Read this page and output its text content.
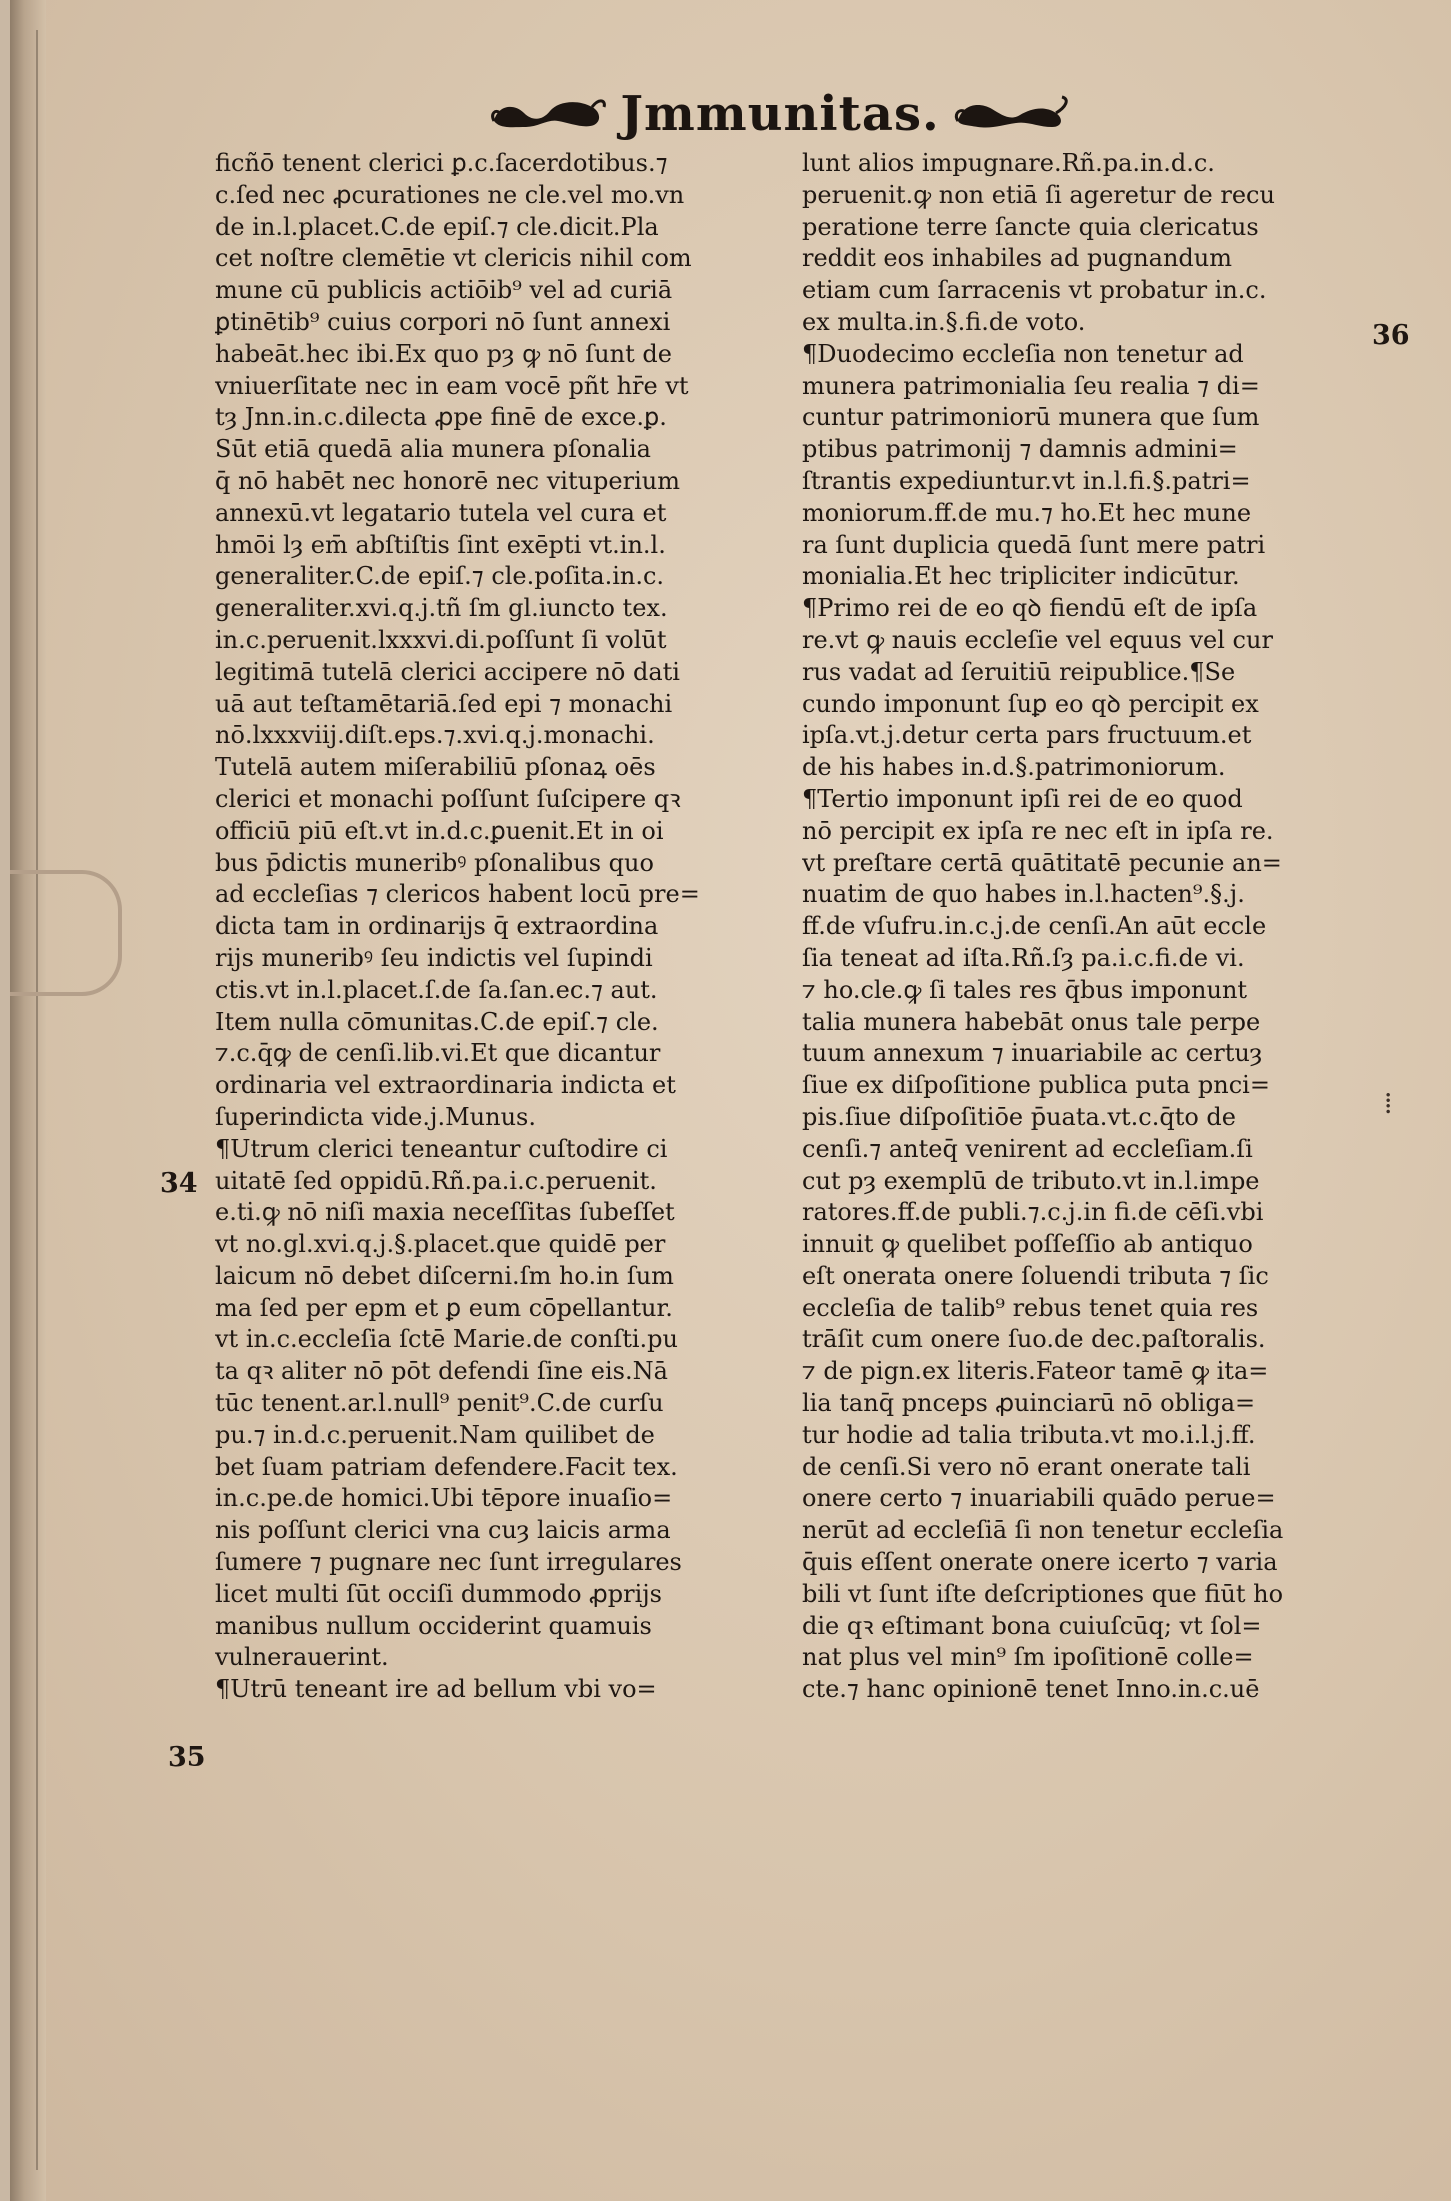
Jmmunitas.
ficñō tenent clerici ꝑ.c.ſacerdotibus.⁊
c.ſed nec ꝓcurationes ne cle.vel mo.vn
de in.l.placet.C.de epiſ.⁊ cle.dicit.Pla
cet noſtre clemētie vt clericis nihil com
mune cū publicis actiōib⁹ vel ad curiā
ꝑtinētib⁹ cuius corpori nō ſunt annexi
habeāt.hec ibi.Ex quo pȝ ꝙ nō ſunt de
vniuerſitate nec in eam vocē pñt hr̄e vt
tȝ Jnn.in.c.dilecta ꝓpe finē de exce.ꝑ.
Sūt etiā quedā alia munera pſonalia
q̄ nō habēt nec honorē nec vituperium
annexū.vt legatario tutela vel cura et
hmōi lȝ em̄ abſtiſtis ſint exēpti vt.in.l.
generaliter.C.de epiſ.⁊ cle.poſita.in.c.
generaliter.xvi.q.j.tñ ſm gl.iuncto tex.
in.c.peruenit.lxxxvi.di.poſſunt ſi volūt
legitimā tutelā clerici accipere nō dati
uā aut teſtamētariā.ſed epi ⁊ monachi
nō.lxxxviij.diſt.eps.⁊.xvi.q.j.monachi.
Tutelā autem miſerabiliū pſonaꝝ oēs
clerici et monachi poſſunt ſuſcipere qꝛ
officiū piū eſt.vt in.d.c.ꝑuenit.Et in oi
bus p̄dictis muneribꝰ pſonalibus quo
ad eccleſias ⁊ clericos habent locū pre=
dicta tam in ordinarijs q̄ extraordina
rijs muneribꝰ ſeu indictis vel ſupindi
ctis.vt in.l.placet.ſ.de ſa.ſan.ec.⁊ aut.
Item nulla cōmunitas.C.de epiſ.⁊ cle.
⁊.c.q̄ꝙ de cenſi.lib.vi.Et que dicantur
ordinaria vel extraordinaria indicta et
ſuperindicta vide.j.Munus.
¶Utrum clerici teneantur cuſtodire ci
uitatē ſed oppidū.Rñ.pa.i.c.peruenit.
e.ti.ꝙ nō niſi maxia neceſſitas ſubeſſet
vt no.gl.xvi.q.j.§.placet.que quidē per
laicum nō debet diſcerni.ſm ho.in ſum
ma ſed per epm et ꝑ eum cōpellantur.
vt in.c.eccleſia ſctē Marie.de conſti.pu
ta qꝛ aliter nō pōt defendi ſine eis.Nā
tūc tenent.ar.l.null⁹ penit⁹.C.de curſu
pu.⁊ in.d.c.peruenit.Nam quilibet de
bet ſuam patriam defendere.Facit tex.
in.c.pe.de homici.Ubi tēpore inuaſio=
nis poſſunt clerici vna cuȝ laicis arma
ſumere ⁊ pugnare nec ſunt irregulares
licet multi ſūt occiſi dummodo ꝓprijs
manibus nullum occiderint quamuis
vulnerauerint.
¶Utrū teneant ire ad bellum vbi vo=
lunt alios impugnare.Rñ.pa.in.d.c.
peruenit.ꝙ non etiā ſi ageretur de recu
peratione terre ſancte quia clericatus
reddit eos inhabiles ad pugnandum
etiam cum ſarracenis vt probatur in.c.
ex multa.in.§.fi.de voto.
¶Duodecimo eccleſia non tenetur ad
munera patrimonialia ſeu realia ⁊ di=
cuntur patrimoniorū munera que ſum
ptibus patrimonij ⁊ damnis admini=
ſtrantis expediuntur.vt in.l.fi.§.patri=
moniorum.ff.de mu.⁊ ho.Et hec mune
ra ſunt duplicia quedā ſunt mere patri
monialia.Et hec tripliciter indicūtur.
¶Primo rei de eo qꝺ fiendū eſt de ipſa
re.vt ꝙ nauis eccleſie vel equus vel cur
rus vadat ad ſeruitiū reipublice.¶Se
cundo imponunt ſuꝑ eo qꝺ percipit ex
ipſa.vt.j.detur certa pars fructuum.et
de his habes in.d.§.patrimoniorum.
¶Tertio imponunt ipſi rei de eo quod
nō percipit ex ipſa re nec eſt in ipſa re.
vt preſtare certā quātitatē pecunie an=
nuatim de quo habes in.l.hacten⁹.§.j.
ff.de vſufru.in.c.j.de cenſi.An aūt eccle
ſia teneat ad iſta.Rñ.ſȝ pa.i.c.fi.de vi.
⁊ ho.cle.ꝙ ſi tales res q̄bus imponunt
talia munera habebāt onus tale perpe
tuum annexum ⁊ inuariabile ac certuȝ
ſiue ex diſpoſitione publica puta pnci=
pis.ſiue diſpoſitiōe p̄uata.vt.c.q̄to de
cenſi.⁊ anteq̄ venirent ad eccleſiam.ſi
cut pȝ exemplū de tributo.vt in.l.impe
ratores.ff.de publi.⁊.c.j.in fi.de cēſi.vbi
innuit ꝙ quelibet poſſeſſio ab antiquo
eſt onerata onere ſoluendi tributa ⁊ ſic
eccleſia de talib⁹ rebus tenet quia res
trāſit cum onere ſuo.de dec.paſtoralis.
⁊ de pign.ex literis.Fateor tamē ꝙ ita=
lia tanq̄ pnceps ꝓuinciarū nō obliga=
tur hodie ad talia tributa.vt mo.i.l.j.ff.
de cenſi.Si vero nō erant onerate tali
onere certo ⁊ inuariabili quādo perue=
nerūt ad eccleſiā ſi non tenetur eccleſia
q̄uis eſſent onerate onere icerto ⁊ varia
bili vt ſunt iſte deſcriptiones que fiūt ho
die qꝛ eſtimant bona cuiuſcūq; vt ſol=
nat plus vel min⁹ ſm ipoſitionē colle=
cte.⁊ hanc opinionē tenet Inno.in.c.uē
34
35
36
⁞
